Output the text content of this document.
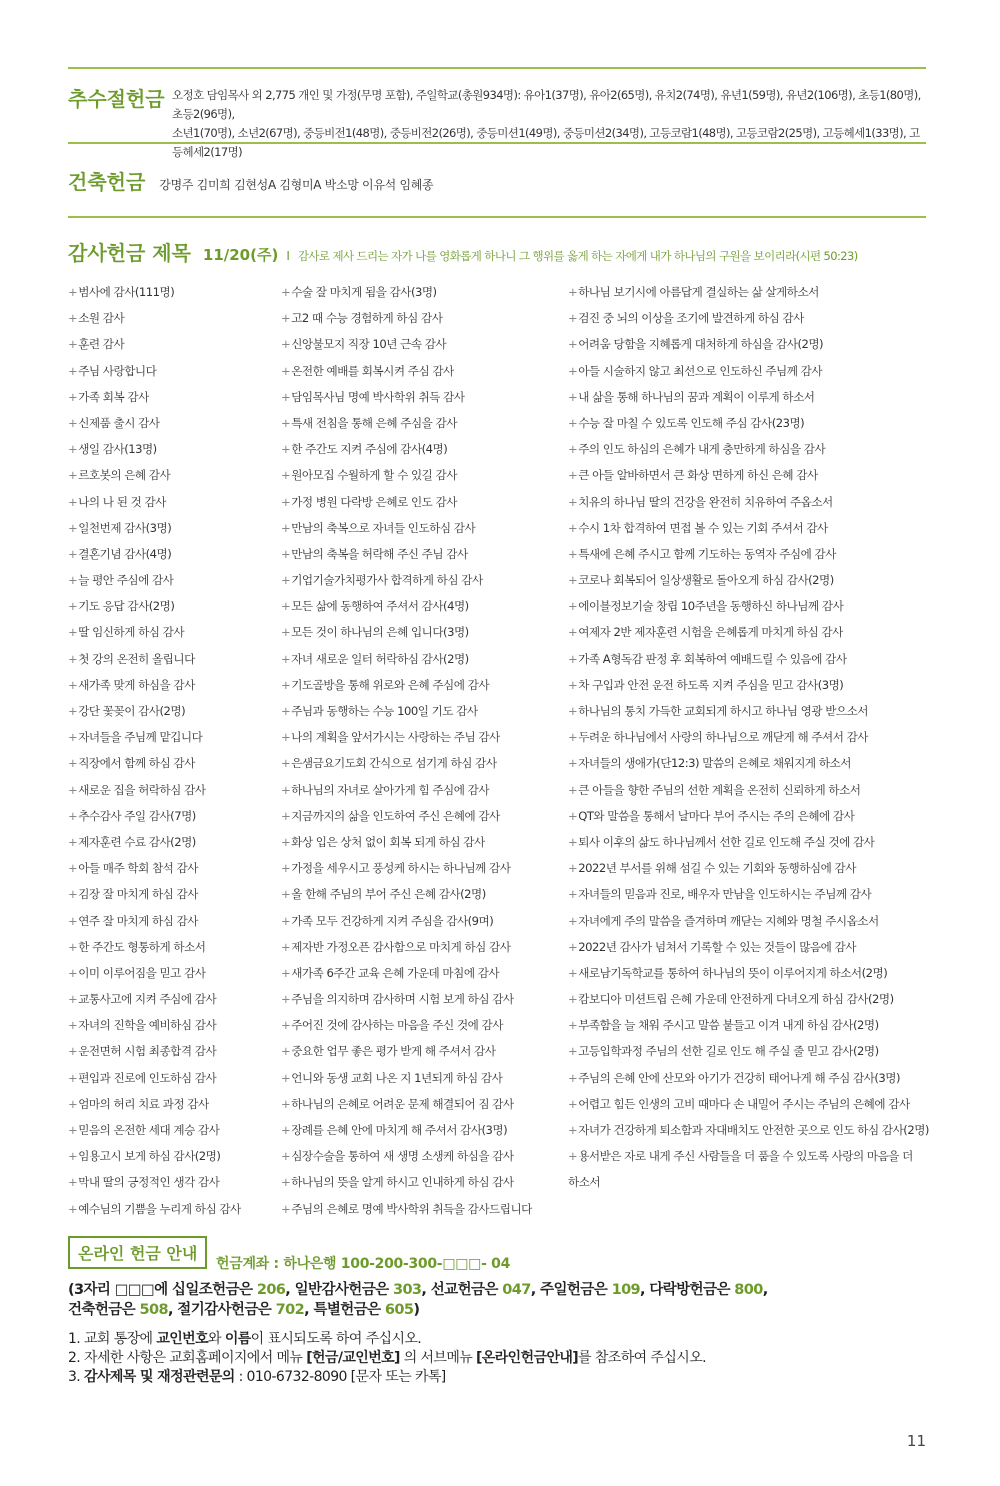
추수절헌금 오정호 담임목사 외 2,775 개인 및 가정(무명 포함), 주일학교(총원934명): 유아1(37명), 유아2(65명), 유치2(74명), 유년1(59명), 유년2(106명), 초등1(80명), 초등2(96명),
소년1(70명), 소년2(67명), 중등비전1(48명), 중등비전2(26명), 중등미션1(49명), 중등미션2(34명), 고등코람1(48명), 고등코람2(25명), 고등헤세1(33명), 고등헤세2(17명)
건축헌금 강명주 김미희 김현성A 김형미A 박소망 이유석 임혜종
감사헌금 제목 11/20(주) I 감사로 제사 드리는 자가 나를 영화롭게 하나니 그 행위를 옳게 하는 자에게 내가 하나님의 구원을 보이리라(시편 50:23)
+범사에 감사(111명)
+소원 감사
+훈련 감사
+주님 사랑합니다
+가족 회복 감사
+신제품 출시 감사
+생일 감사(13명)
+르호봇의 은혜 감사
+나의 나 된 것 감사
+일천번제 감사(3명)
+결혼기념 감사(4명)
+늘 평안 주심에 감사
+기도 응답 감사(2명)
+딸 임신하게 하심 감사
+첫 강의 온전히 올립니다
+새가족 맞게 하심을 감사
+강단 꽃꽂이 감사(2명)
+자녀들을 주님께 맡깁니다
+직장에서 함께 하심 감사
+새로운 집을 허락하심 감사
+추수감사 주일 감사(7명)
+제자훈련 수료 감사(2명)
+아들 매주 학회 참석 감사
+김장 잘 마치게 하심 감사
+연주 잘 마치게 하심 감사
+한 주간도 형통하게 하소서
+이미 이루어짐을 믿고 감사
+교통사고에 지켜 주심에 감사
+자녀의 진학을 예비하심 감사
+운전면허 시험 최종합격 감사
+편입과 진로에 인도하심 감사
+엄마의 허리 치료 과정 감사
+믿음의 온전한 세대 계승 감사
+임용고시 보게 하심 감사(2명)
+막내 딸의 긍정적인 생각 감사
+예수님의 기쁨을 누리게 하심 감사
+수술 잘 마치게 됨을 감사(3명)
+고2 때 수능 경험하게 하심 감사
+신앙불모지 직장 10년 근속 감사
+온전한 예배를 회복시켜 주심 감사
+담임목사님 명예 박사학위 취득 감사
+특새 전침을 통해 은혜 주심을 감사
+한 주간도 지켜 주심에 감사(4명)
+원아모집 수월하게 할 수 있길 감사
+가정 병원 다락방 은혜로 인도 감사
+만남의 축복으로 자녀들 인도하심 감사
+만남의 축복을 허락해 주신 주님 감사
+기업기술가치평가사 합격하게 하심 감사
+모든 삶에 동행하여 주셔서 감사(4명)
+모든 것이 하나님의 은혜 입니다(3명)
+자녀 새로운 일터 허락하심 감사(2명)
+기도골방을 통해 위로와 은혜 주심에 감사
+주님과 동행하는 수능 100일 기도 감사
+나의 계획을 앞서가시는 사랑하는 주님 감사
+은샘금요기도회 간식으로 섬기게 하심 감사
+하나님의 자녀로 살아가게 힘 주심에 감사
+지금까지의 삶을 인도하여 주신 은혜에 감사
+화상 입은 상처 없이 회복 되게 하심 감사
+가정을 세우시고 풍성케 하시는 하나님께 감사
+올 한해 주님의 부어 주신 은혜 감사(2명)
+가족 모두 건강하게 지켜 주심을 감사(9며)
+제자반 가정오픈 감사함으로 마치게 하심 감사
+새가족 6주간 교육 은혜 가운데 마침에 감사
+주님을 의지하며 감사하며 시험 보게 하심 감사
+주어진 것에 감사하는 마음을 주신 것에 감사
+중요한 업무 좋은 평가 받게 해 주셔서 감사
+언니와 동생 교회 나온 지 1년되게 하심 감사
+하나님의 은혜로 어려운 문제 해결되어 짐 감사
+장례를 은혜 안에 마치게 해 주셔서 감사(3명)
+심장수술을 통하여 새 생명 소생케 하심을 감사
+하나님의 뜻을 알게 하시고 인내하게 하심 감사
+주님의 은혜로 명예 박사학위 취득을 감사드립니다
+하나님 보기시에 아름답게 결실하는 삶 살게하소서
+검진 중 뇌의 이상을 조기에 발견하게 하심 감사
+어려움 당함을 지혜롭게 대처하게 하심을 감사(2명)
+아들 시술하지 않고 최선으로 인도하신 주님께 감사
+내 삶을 통해 하나님의 꿈과 계획이 이루게 하소서
+수능 잘 마칠 수 있도록 인도해 주심 감사(23명)
+주의 인도 하심의 은혜가 내게 충만하게 하심을 감사
+큰 아들 알바하면서 큰 화상 면하게 하신 은혜 감사
+치유의 하나님 딸의 건강을 완전히 치유하여 주옵소서
+수시 1차 합격하여 면접 볼 수 있는 기회 주셔서 감사
+특새에 은혜 주시고 함께 기도하는 동역자 주심에 감사
+코로나 회복되어 일상생활로 돌아오게 하심 감사(2명)
+에이블정보기술 창립 10주년을 동행하신 하나님께 감사
+여제자 2반 제자훈련 시험을 은혜롭게 마치게 하심 감사
+가족 A형독감 판정 후 회복하여 예배드릴 수 있음에 감사
+차 구입과 안전 운전 하도록 지켜 주심을 믿고 감사(3명)
+하나님의 통치 가득한 교회되게 하시고 하나님 영광 받으소서
+두려운 하나님에서 사랑의 하나님으로 깨닫게 해 주셔서 감사
+자녀들의 생애가(단12:3) 말씀의 은혜로 채워지게 하소서
+큰 아들을 향한 주님의 선한 계획을 온전히 신뢰하게 하소서
+QT와 말씀을 통해서 날마다 부어 주시는 주의 은혜에 감사
+퇴사 이후의 삶도 하나님께서 선한 길로 인도해 주실 것에 감사
+2022년 부서를 위해 섬길 수 있는 기회와 동행하심에 감사
+자녀들의 믿음과 진로, 배우자 만남을 인도하시는 주님께 감사
+자녀에게 주의 말씀을 즐겨하며 깨닫는 지혜와 명철 주시옵소서
+2022년 감사가 넘쳐서 기록할 수 있는 것들이 많음에 감사
+새로남기독학교를 통하여 하나님의 뜻이 이루어지게 하소서(2명)
+캄보디아 미션트립 은혜 가운데 안전하게 다녀오게 하심 감사(2명)
+부족함을 늘 채워 주시고 말씀 붙들고 이겨 내게 하심 감사(2명)
+고등입학과정 주님의 선한 길로 인도 해 주실 줄 믿고 감사(2명)
+주님의 은혜 안에 산모와 아기가 건강히 태어나게 해 주심 감사(3명)
+어렵고 힘든 인생의 고비 때마다 손 내밀어 주시는 주님의 은혜에 감사
+자녀가 건강하게 퇴소함과 자대배치도 안전한 곳으로 인도 하심 감사(2명)
+용서받은 자로 내게 주신 사람들을 더 품을 수 있도록 사랑의 마음을 더 하소서
온라인 헌금 안내
헌금계좌 : 하나은행 100-200-300-□□□- 04
(3자리 □□□에 십일조헌금은 206, 일반감사헌금은 303, 선교헌금은 047, 주일헌금은 109, 다락방헌금은 800,
건축헌금은 508, 절기감사헌금은 702, 특별헌금은 605)
1. 교회 통장에 교인번호와 이름이 표시되도록 하여 주십시오.
2. 자세한 사항은 교회홈페이지에서 메뉴 [헌금/교인번호] 의 서브메뉴 [온라인헌금안내]를 참조하여 주십시오.
3. 감사제목 및 재정관련문의 : 010-6732-8090 [문자 또는 카톡]
11
